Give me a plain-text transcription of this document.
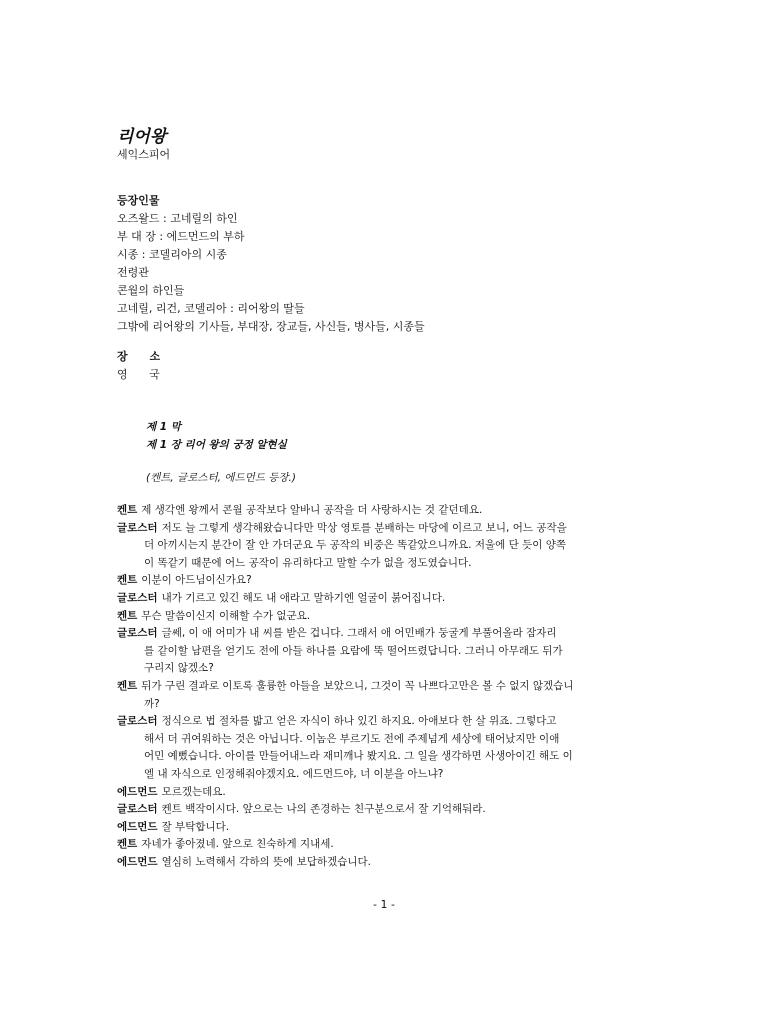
리어왕

세익스피어

등장인물
오즈왈드 : 고네릴의 하인
부 대 장 : 에드먼드의 부하
시종 : 코델리아의 시종
전령관
콘월의 하인들
고네릴, 리건, 코델리아 : 리어왕의 딸들
그밖에 리어왕의 기사들, 부대장, 장교들, 사신들, 병사들, 시종들
장 소
영 국
제 1 막
제 1 장 리어 왕의 궁정 알현실
(켄트, 글로스터, 에드먼드 등장.)
켄트 제 생각엔 왕께서 콘월 공작보다 알바니 공작을 더 사랑하시는 것 같던데요.
글로스터 저도 늘 그렇게 생각해왔습니다만 막상 영토를 분배하는 마당에 이르고 보니, 어느 공작을
더 아끼시는지 분간이 잘 안 가더군요 두 공작의 비중은 똑같았으니까요. 저울에 단 듯이 양쪽
이 똑같기 때문에 어느 공작이 유리하다고 말할 수가 없을 정도였습니다.
켄트 이분이 아드님이신가요?
글로스터 내가 기르고 있긴 해도 내 애라고 말하기엔 얼굴이 붉어집니다.
켄트 무슨 말씀이신지 이해할 수가 없군요.
글로스터 글쎄, 이 애 어미가 내 씨를 받은 겁니다. 그래서 애 어민배가 둥굴게 부풀어올라 잠자리
를 같이할 남편을 얻기도 전에 아들 하나를 요람에 뚝 떨어뜨렸답니다. 그러니 아무래도 뒤가
구리지 않겠소?
켄트 뒤가 구린 결과로 이토록 훌륭한 아들을 보았으니, 그것이 꼭 나쁘다고만은 볼 수 없지 않겠습니
까?
글로스터 정식으로 법 절차를 밟고 얻은 자식이 하나 있긴 하지요. 아애보다 한 살 위죠. 그렇다고
해서 더 귀여워하는 것은 아닙니다. 이놈은 부르기도 전에 주제넘게 세상에 태어났지만 이애
어민 예뻤습니다. 아이를 만들어내느라 재미깨나 봤지요. 그 일을 생각하면 사생아이긴 해도 이
엘 내 자식으로 인정해줘야겠지요. 에드먼드야, 너 이분을 아느냐?
에드먼드 모르겠는데요.
글로스터 켄트 백작이시다. 앞으로는 나의 존경하는 친구분으로서 잘 기억해둬라.
에드먼드 잘 부탁합니다.
켄트 자네가 좋아졌네. 앞으로 친숙하게 지내세.
에드먼드 열심히 노력해서 각하의 뜻에 보답하겠습니다.
- 1 -
